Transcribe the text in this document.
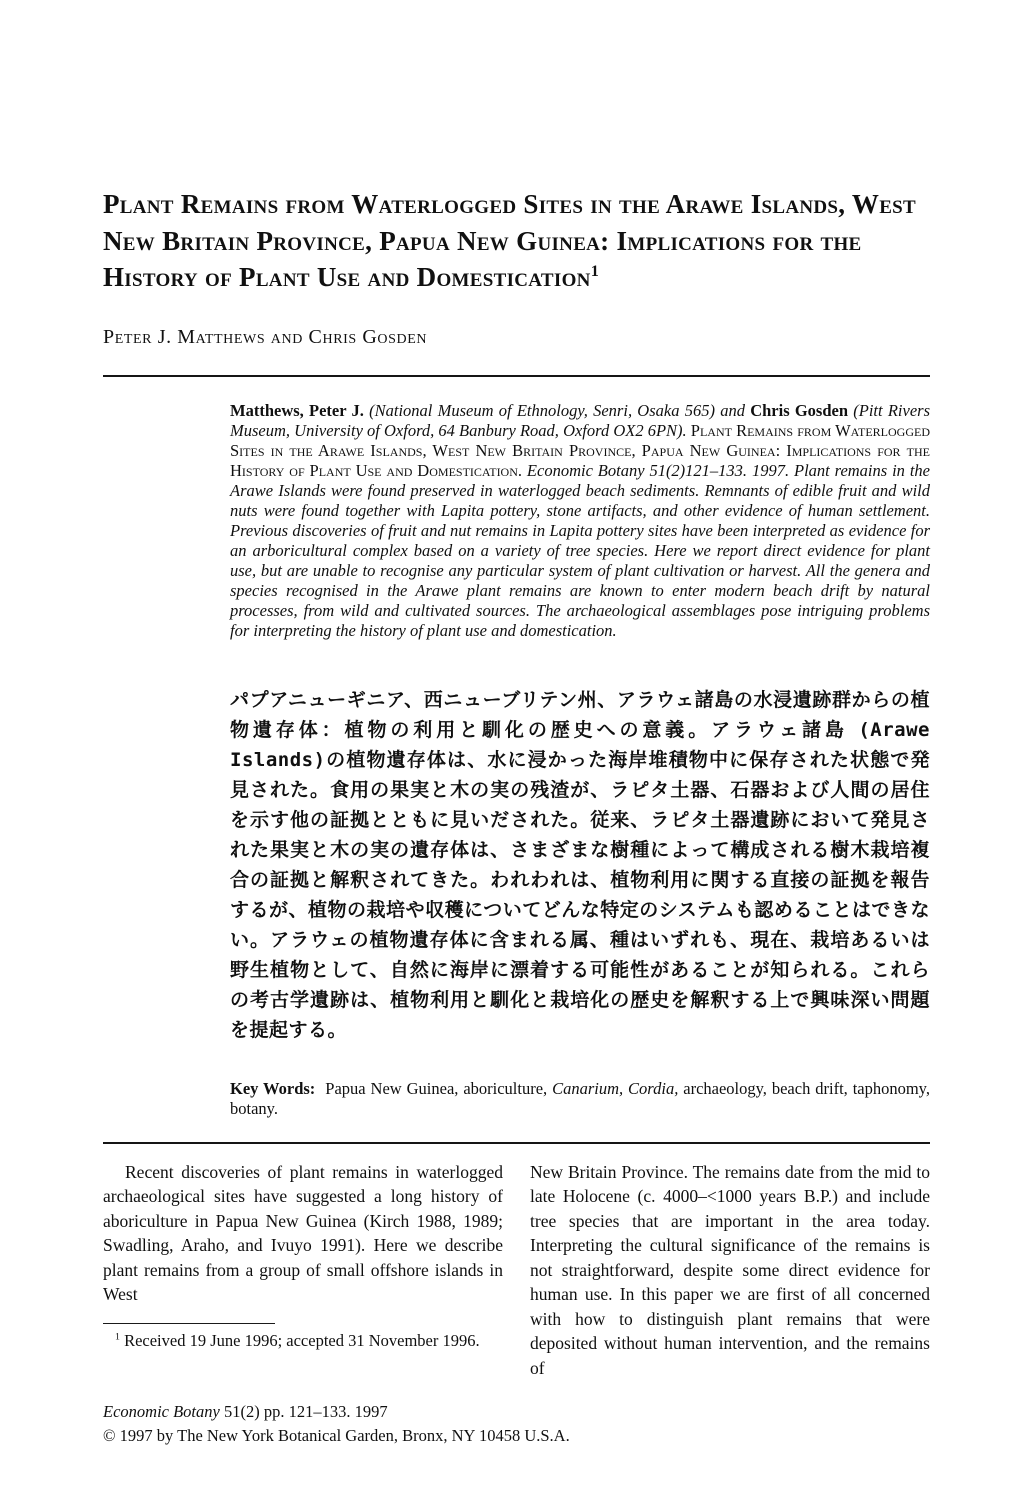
Plant Remains from Waterlogged Sites in the Arawe Islands, West New Britain Province, Papua New Guinea: Implications for the History of Plant Use and Domestication$^1$
Peter J. Matthews and Chris Gosden

Matthews, Peter J. (National Museum of Ethnology, Senri, Osaka 565) and Chris Gosden (Pitt Rivers Museum, University of Oxford, 64 Banbury Road, Oxford OX2 6PN). Plant Remains from Waterlogged Sites in the Arawe Islands, West New Britain Province, Papua New Guinea: Implications for the History of Plant Use and Domestication. Economic Botany 51(2)121–133. 1997. Plant remains in the Arawe Islands were found preserved in waterlogged beach sediments. Remnants of edible fruit and wild nuts were found together with Lapita pottery, stone artifacts, and other evidence of human settlement. Previous discoveries of fruit and nut remains in Lapita pottery sites have been interpreted as evidence for an arboricultural complex based on a variety of tree species. Here we report direct evidence for plant use, but are unable to recognise any particular system of plant cultivation or harvest. All the genera and species recognised in the Arawe plant remains are known to enter modern beach drift by natural processes, from wild and cultivated sources. The archaeological assemblages pose intriguing problems for interpreting the history of plant use and domestication.

パプアニューギニア、西ニューブリテン州、アラウェ諸島の水浸遺跡群からの植物遺存体：植物の利用と馴化の歴史への意義。アラウェ諸島 (Arawe Islands)の植物遺存体は、水に浸かった海岸堆積物中に保存された状態で発見された。食用の果実と木の実の残渣が、ラピタ土器、石器および人間の居住を示す他の証拠とともに見いだされた。従来、ラピタ土器遺跡において発見された果実と木の実の遺存体は、さまざまな樹種によって構成される樹木栽培複合の証拠と解釈されてきた。われわれは、植物利用に関する直接の証拠を報告するが、植物の栽培や収穫についてどんな特定のシステムも認めることはできない。アラウェの植物遺存体に含まれる属、種はいずれも、現在、栽培あるいは野生植物として、自然に海岸に漂着する可能性があることが知られる。これらの考古学遺跡は、植物利用と馴化と栽培化の歴史を解釈する上で興味深い問題を提起する。

Key Words: Papua New Guinea, aboriculture, Canarium, Cordia, archaeology, beach drift, taphonomy, botany.

Recent discoveries of plant remains in waterlogged archaeological sites have suggested a long history of aboriculture in Papua New Guinea (Kirch 1988, 1989; Swadling, Araho, and Ivuyo 1991). Here we describe plant remains from a group of small offshore islands in West

$^1$ Received 19 June 1996; accepted 31 November 1996.

New Britain Province. The remains date from the mid to late Holocene (c. 4000–<1000 years B.P.) and include tree species that are important in the area today. Interpreting the cultural significance of the remains is not straightforward, despite some direct evidence for human use. In this paper we are first of all concerned with how to distinguish plant remains that were deposited without human intervention, and the remains of

Economic Botany 51(2) pp. 121–133. 1997
© 1997 by The New York Botanical Garden, Bronx, NY 10458 U.S.A.
